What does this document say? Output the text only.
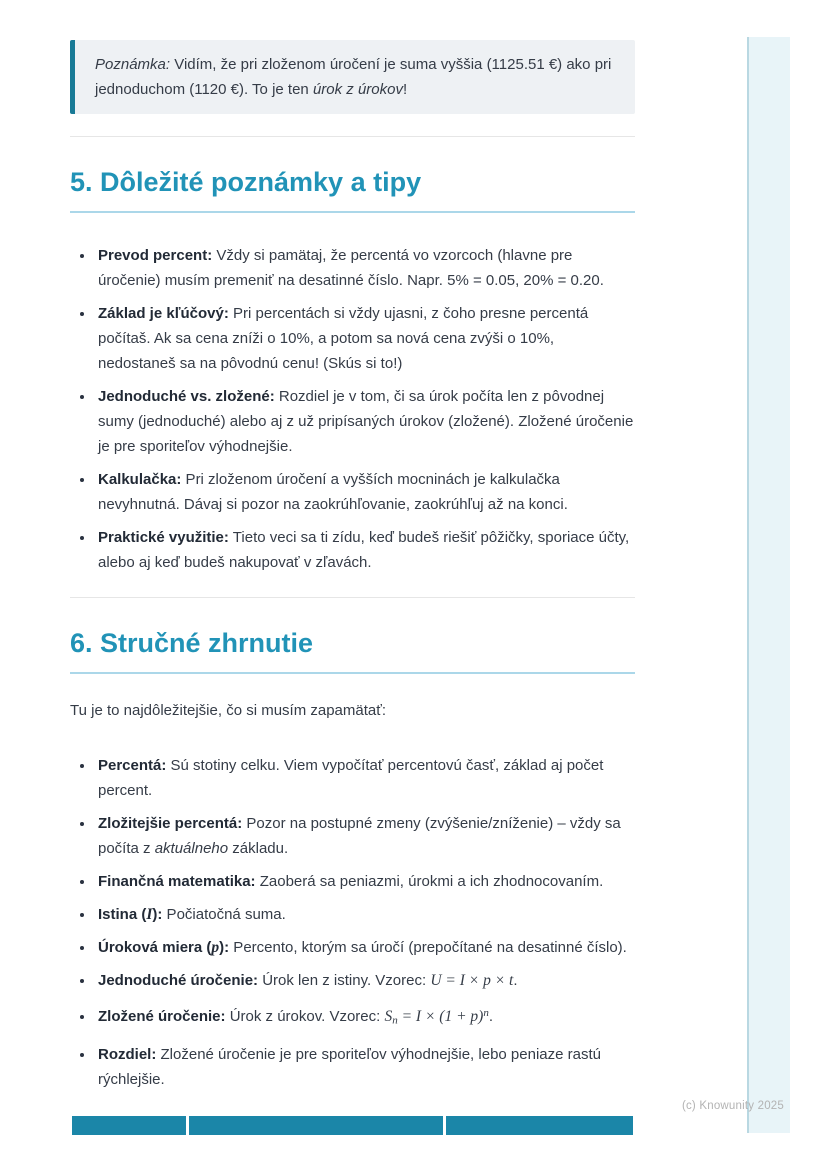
Poznámka: Vidím, že pri zloženom úročení je suma vyššia (1125.51 €) ako pri jednoduchom (1120 €). To je ten úrok z úrokov!

5. Dôležité poznámky a tipy
• Prevod percent: Vždy si pamätaj, že percentá vo vzorcoch (hlavne pre úročenie) musím premeniť na desatinné číslo. Napr. 5% = 0.05, 20% = 0.20.
• Základ je kľúčový: Pri percentách si vždy ujasni, z čoho presne percentá počítaš. Ak sa cena zníži o 10%, a potom sa nová cena zvýši o 10%, nedostaneš sa na pôvodnú cenu! (Skús si to!)
• Jednoduché vs. zložené: Rozdiel je v tom, či sa úrok počíta len z pôvodnej sumy (jednoduché) alebo aj z už pripísaných úrokov (zložené). Zložené úročenie je pre sporiteľov výhodnejšie.
• Kalkulačka: Pri zloženom úročení a vyšších mocninách je kalkulačka nevyhnutná. Dávaj si pozor na zaokrúhľovanie, zaokrúhľuj až na konci.
• Praktické využitie: Tieto veci sa ti zídu, keď budeš riešiť pôžičky, sporiace účty, alebo aj keď budeš nakupovať v zľavách.
6. Stručné zhrnutie

Tu je to najdôležitejšie, čo si musím zapamätať:

• Percentá: Sú stotiny celku. Viem vypočítať percentovú časť, základ aj počet percent.
• Zložitejšie percentá: Pozor na postupné zmeny (zvýšenie/zníženie) – vždy sa počíta z aktuálneho základu.
• Finančná matematika: Zaoberá sa peniazmi, úrokmi a ich zhodnocovaním.
• Istina (I): Počiatočná suma.
• Úroková miera (p): Percento, ktorým sa úročí (prepočítané na desatinné číslo).
• Jednoduché úročenie: Úrok len z istiny. Vzorec: U = I × p × t.
• Zložené úročenie: Úrok z úrokov. Vzorec: $Sn = I \times (1 + p)^n$.
• Rozdiel: Zložené úročenie je pre sporiteľov výhodnejšie, lebo peniaze rastú rýchlejšie.
(c) Knowunity 2025
